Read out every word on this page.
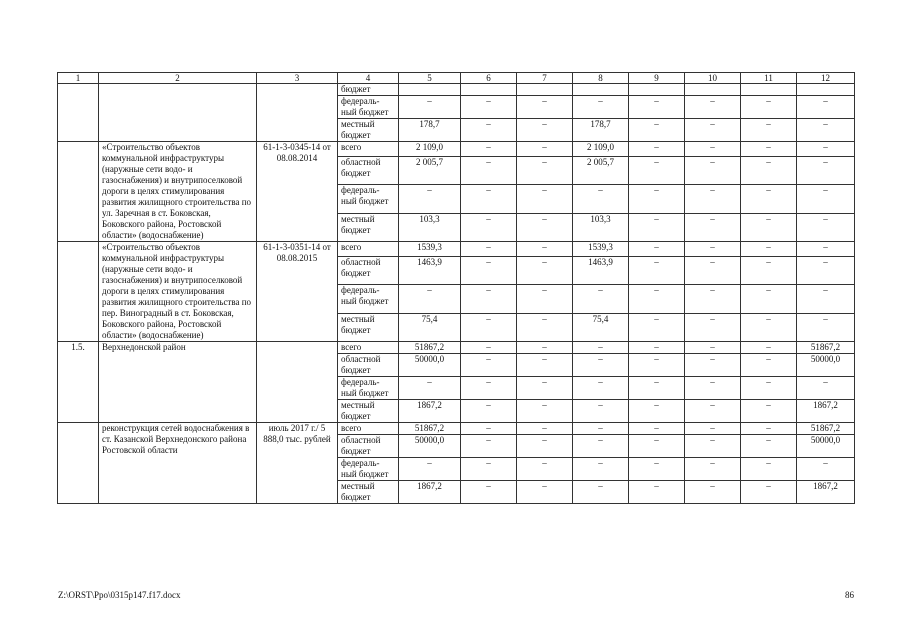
1	2	3	4	5	6	7	8	9	10	11	12
			бюджет								
			федераль-ный бюджет	–	–	–	–	–	–	–	–
			местный бюджет	178,7	–	–	178,7	–	–	–	–
	«Строительство объектов коммунальной инфраструктуры (наружные сети водо- и газоснабжения) и внутрипоселковой дороги в целях стимулирования развития жилищного строительства по ул. Заречная в ст. Боковская, Боковского района, Ростовской области» (водоснабжение)	61-1-3-0345-14 от 08.08.2014	всего	2 109,0	–	–	2 109,0	–	–	–	–
			областной бюджет	2 005,7	–	–	2 005,7	–	–	–	–
			федераль-ный бюджет	–	–	–	–	–	–	–	–
			местный бюджет	103,3	–	–	103,3	–	–	–	–
	«Строительство объектов коммунальной инфраструктуры (наружные сети водо- и газоснабжения) и внутрипоселковой дороги в целях стимулирования развития жилищного строительства по пер. Виноградный в ст. Боковская, Боковского района, Ростовской области» (водоснабжение)	61-1-3-0351-14 от 08.08.2015	всего	1539,3	–	–	1539,3	–	–	–	–
			областной бюджет	1463,9	–	–	1463,9	–	–	–	–
			федераль-ный бюджет	–	–	–	–	–	–	–	–
			местный бюджет	75,4	–	–	75,4	–	–	–	–
1.5.	Верхнедонской район		всего	51867,2	–	–	–	–	–	–	51867,2
			областной бюджет	50000,0	–	–	–	–	–	–	50000,0
			федераль-ный бюджет	–	–	–	–	–	–	–	–
			местный бюджет	1867,2	–	–	–	–	–	–	1867,2
	реконструкция сетей водоснабжения в ст. Казанской Верхнедонского района Ростовской области	июль 2017 г./ 5 888,0 тыс. рублей	всего	51867,2	–	–	–	–	–	–	51867,2
			областной бюджет	50000,0	–	–	–	–	–	–	50000,0
			федераль-ный бюджет	–	–	–	–	–	–	–	–
			местный бюджет	1867,2	–	–	–	–	–	–	1867,2
Z:\ORST\Ppo\0315p147.f17.docx	86
